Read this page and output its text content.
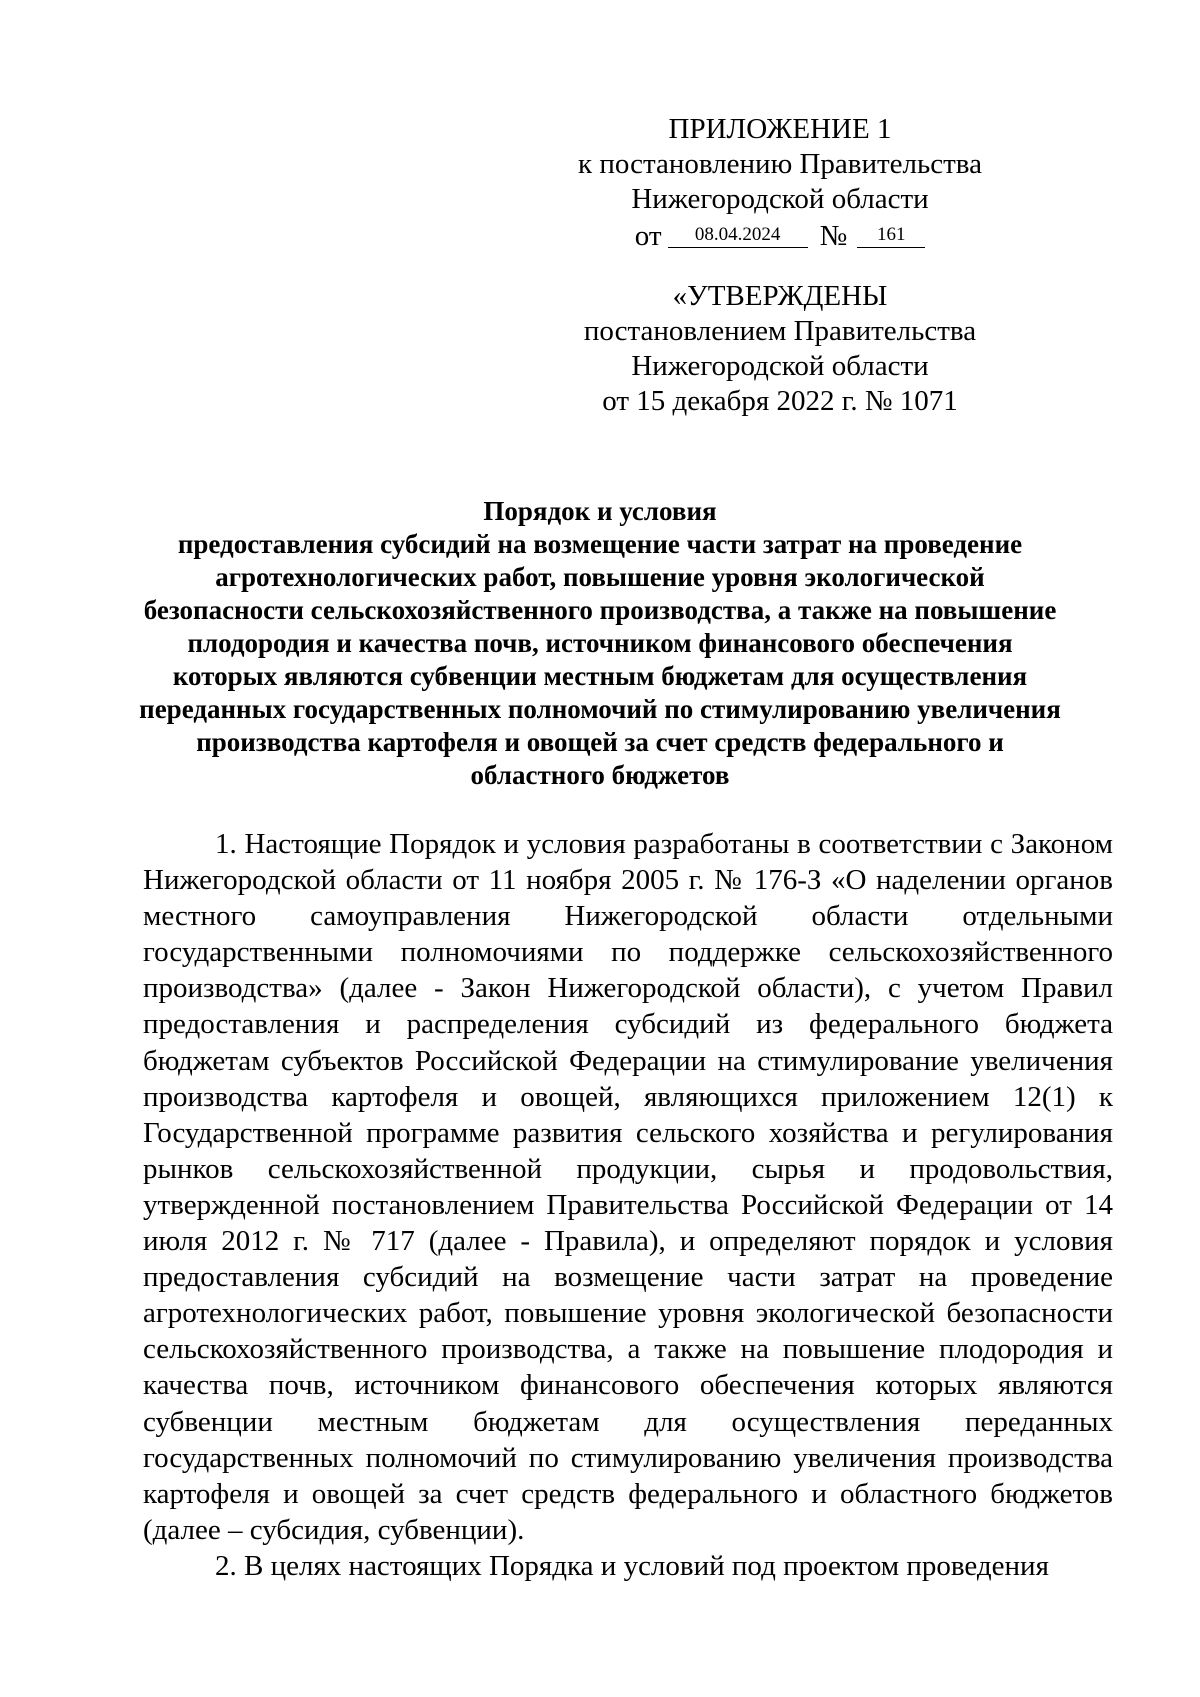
ПРИЛОЖЕНИЕ 1
к постановлению Правительства
Нижегородской области
от 08.04.2024 № 161
«УТВЕРЖДЕНЫ
постановлением Правительства
Нижегородской области
от 15 декабря 2022 г. № 1071
Порядок и условия
предоставления субсидий на возмещение части затрат на проведение
агротехнологических работ, повышение уровня экологической
безопасности сельскохозяйственного производства, а также на повышение
плодородия и качества почв, источником финансового обеспечения
которых являются субвенции местным бюджетам для осуществления
переданных государственных полномочий по стимулированию увеличения
производства картофеля и овощей за счет средств федерального и
областного бюджетов

1. Настоящие Порядок и условия разработаны в соответствии с Законом Нижегородской области от 11 ноября 2005 г. № 176-З «О наделении органов местного самоуправления Нижегородской области отдельными государственными полномочиями по поддержке сельскохозяйственного производства» (далее - Закон Нижегородской области), с учетом Правил предоставления и распределения субсидий из федерального бюджета бюджетам субъектов Российской Федерации на стимулирование увеличения производства картофеля и овощей, являющихся приложением 12(1) к Государственной программе развития сельского хозяйства и регулирования рынков сельскохозяйственной продукции, сырья и продовольствия, утвержденной постановлением Правительства Российской Федерации от 14 июля 2012 г. № 717 (далее - Правила), и определяют порядок и условия предоставления субсидий на возмещение части затрат на проведение агротехнологических работ, повышение уровня экологической безопасности сельскохозяйственного производства, а также на повышение плодородия и качества почв, источником финансового обеспечения которых являются субвенции местным бюджетам для осуществления переданных государственных полномочий по стимулированию увеличения производства картофеля и овощей за счет средств федерального и областного бюджетов (далее – субсидия, субвенции).

2. В целях настоящих Порядка и условий под проектом проведения
